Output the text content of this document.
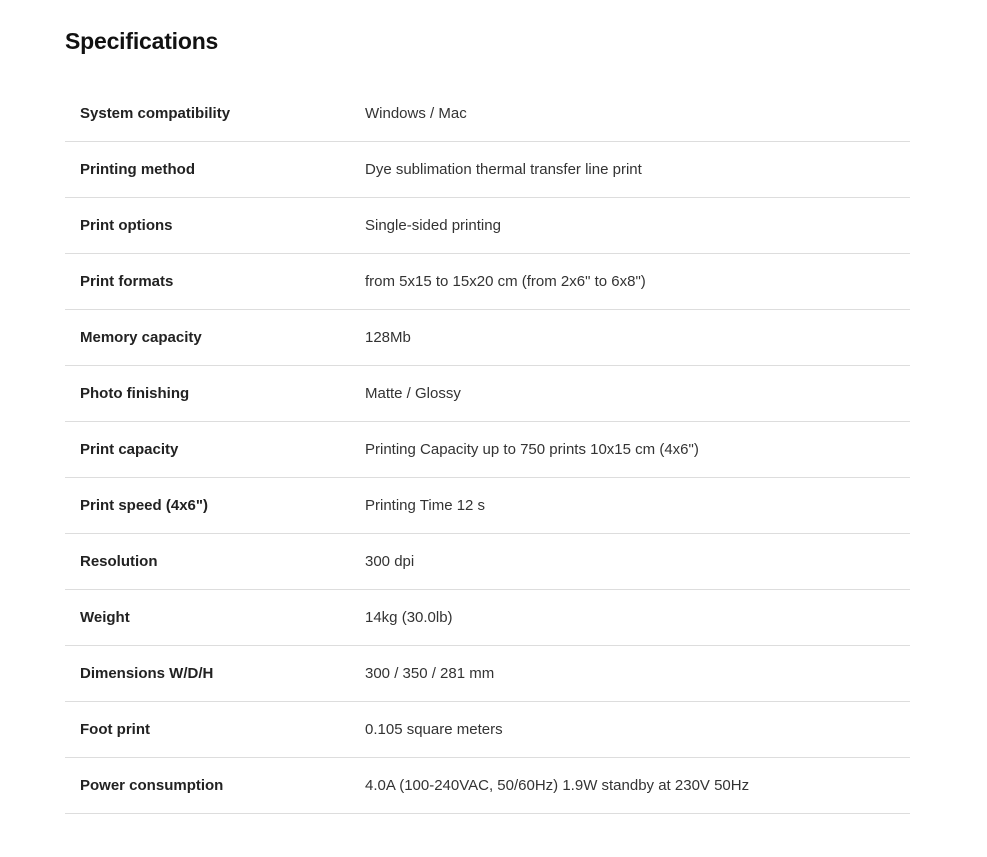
Specifications
System compatibility	Windows / Mac
Printing method	Dye sublimation thermal transfer line print
Print options	Single-sided printing
Print formats	from 5x15 to 15x20 cm (from 2x6" to 6x8")
Memory capacity	128Mb
Photo finishing	Matte / Glossy
Print capacity	Printing Capacity up to 750 prints 10x15 cm (4x6")
Print speed (4x6")	Printing Time 12 s
Resolution	300 dpi
Weight	14kg (30.0lb)
Dimensions W/D/H	300 / 350 / 281 mm
Foot print	0.105 square meters
Power consumption	4.0A (100-240VAC, 50/60Hz) 1.9W standby at 230V 50Hz
